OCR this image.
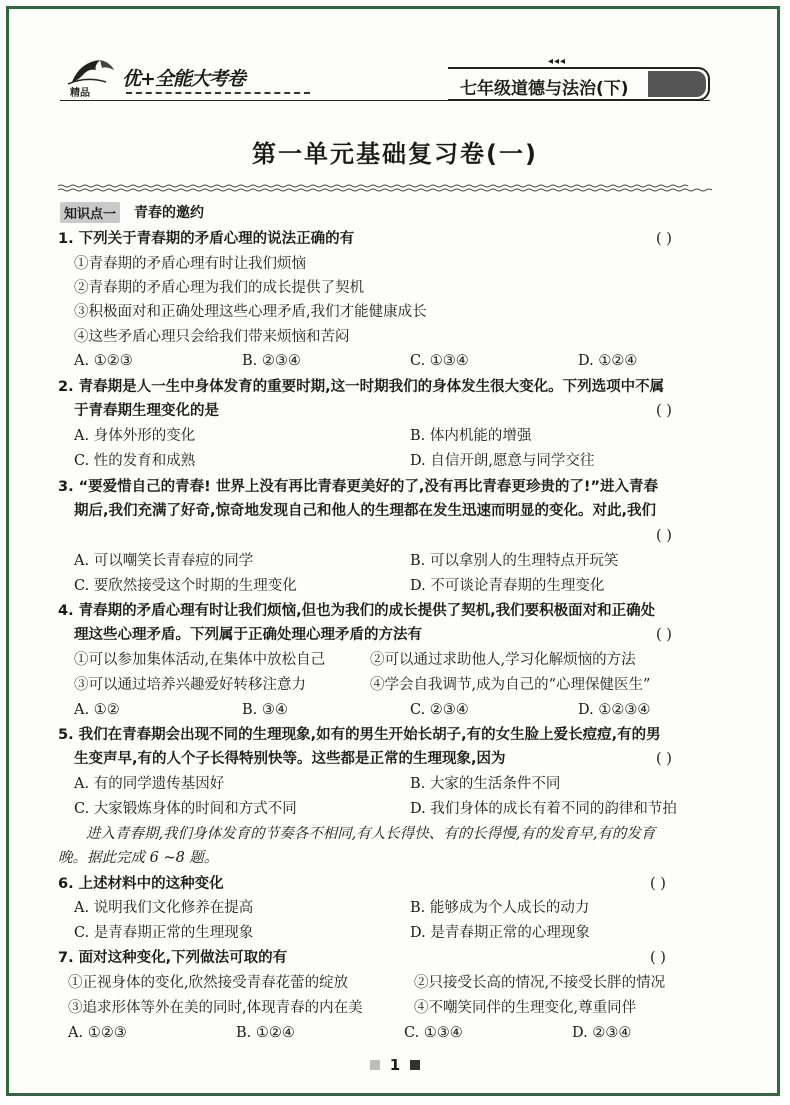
精品
优+全能大考卷
◂◂◂
七年级道德与法治(下)
第一单元基础复习卷(一)
知识点一 青春的邀约
1. 下列关于青春期的矛盾心理的说法正确的有	( )
①青春期的矛盾心理有时让我们烦恼
②青春期的矛盾心理为我们的成长提供了契机
③积极面对和正确处理这些心理矛盾,我们才能健康成长
④这些矛盾心理只会给我们带来烦恼和苦闷
A. ①②③	B. ②③④	C. ①③④	D. ①②④
2. 青春期是人一生中身体发育的重要时期,这一时期我们的身体发生很大变化。下列选项中不属
于青春期生理变化的是	( )
A. 身体外形的变化	B. 体内机能的增强
C. 性的发育和成熟	D. 自信开朗,愿意与同学交往
3. “要爱惜自己的青春! 世界上没有再比青春更美好的了,没有再比青春更珍贵的了!”进入青春
期后,我们充满了好奇,惊奇地发现自己和他人的生理都在发生迅速而明显的变化。对此,我们
( )
A. 可以嘲笑长青春痘的同学	B. 可以拿别人的生理特点开玩笑
C. 要欣然接受这个时期的生理变化	D. 不可谈论青春期的生理变化
4. 青春期的矛盾心理有时让我们烦恼,但也为我们的成长提供了契机,我们要积极面对和正确处
理这些心理矛盾。下列属于正确处理心理矛盾的方法有	( )
①可以参加集体活动,在集体中放松自己	②可以通过求助他人,学习化解烦恼的方法
③可以通过培养兴趣爱好转移注意力	④学会自我调节,成为自己的“心理保健医生”
A. ①②	B. ③④	C. ②③④	D. ①②③④
5. 我们在青春期会出现不同的生理现象,如有的男生开始长胡子,有的女生脸上爱长痘痘,有的男
生变声早,有的人个子长得特别快等。这些都是正常的生理现象,因为	( )
A. 有的同学遗传基因好	B. 大家的生活条件不同
C. 大家锻炼身体的时间和方式不同	D. 我们身体的成长有着不同的韵律和节拍
进入青春期,我们身体发育的节奏各不相同,有人长得快、有的长得慢,有的发育早,有的发育
晚。据此完成 6 ~8 题。
6. 上述材料中的这种变化	( )
A. 说明我们文化修养在提高	B. 能够成为个人成长的动力
C. 是青春期正常的生理现象	D. 是青春期正常的心理现象
7. 面对这种变化,下列做法可取的有	( )
①正视身体的变化,欣然接受青春花蕾的绽放	②只接受长高的情况,不接受长胖的情况
③追求形体等外在美的同时,体现青春的内在美	④不嘲笑同伴的生理变化,尊重同伴
A. ①②③	B. ①②④	C. ①③④	D. ②③④
1
